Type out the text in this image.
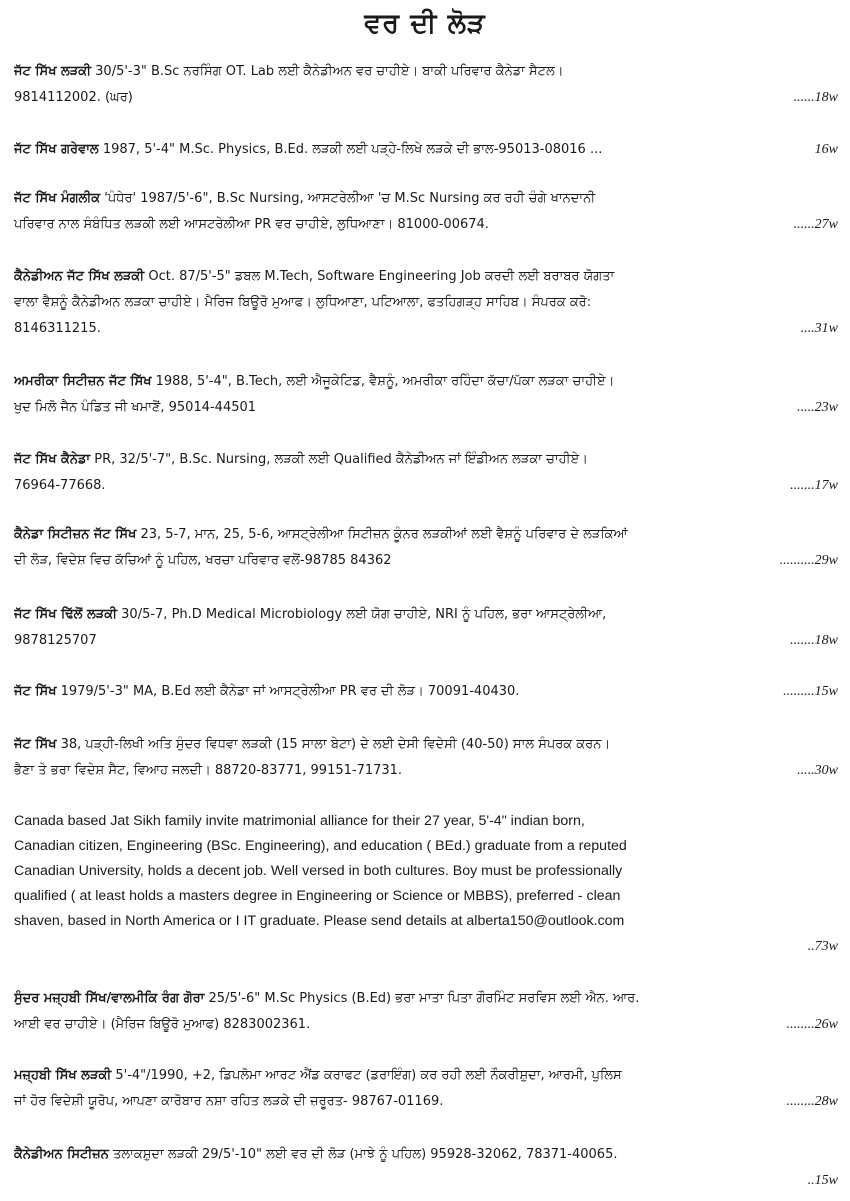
ਵਰ ਦੀ ਲੋੜ
ਜੱਟ ਸਿੱਖ ਲੜਕੀ 30/5'-3" B.Sc ਨਰਸਿੰਗ OT. Lab ਲਈ ਕੈਨੇਡੀਅਨ ਵਰ ਚਾਹੀਏ। ਬਾਕੀ ਪਰਿਵਾਰ ਕੈਨੇਡਾ ਸੈਟਲ।
9814112002. (ਘਰ)	......18w
ਜੱਟ ਸਿੱਖ ਗਰੇਵਾਲ 1987, 5'-4" M.Sc. Physics, B.Ed. ਲੜਕੀ ਲਈ ਪੜ੍ਹੇ-ਲਿਖੇ ਲੜਕੇ ਦੀ ਭਾਲ-95013-08016 ...	16w
ਜੱਟ ਸਿੱਖ ਮੰਗਲੀਕ 'ਪੰਧੇਰ' 1987/5'-6", B.Sc Nursing, ਆਸਟਰੇਲੀਆ 'ਚ M.Sc Nursing ਕਰ ਰਹੀ ਚੰਗੇ ਖਾਨਦਾਨੀ
ਪਰਿਵਾਰ ਨਾਲ ਸੰਬੰਧਿਤ ਲੜਕੀ ਲਈ ਆਸਟਰੇਲੀਆ PR ਵਰ ਚਾਹੀਏ, ਲੁਧਿਆਣਾ। 81000-00674.	......27w
ਕੈਨੇਡੀਅਨ ਜੱਟ ਸਿੱਖ ਲੜਕੀ Oct. 87/5'-5" ਡਬਲ M.Tech, Software Engineering Job ਕਰਦੀ ਲਈ ਬਰਾਬਰ ਯੋਗਤਾ
ਵਾਲਾ ਵੈਸ਼ਨੂੰ ਕੈਨੇਡੀਅਨ ਲੜਕਾ ਚਾਹੀਏ। ਮੈਰਿਜ ਬਿਊਰੋ ਮੁਆਫ। ਲੁਧਿਆਣਾ, ਪਟਿਆਲਾ, ਫਤਹਿਗੜ੍ਹ ਸਾਹਿਬ। ਸੰਪਰਕ ਕਰੋ:
8146311215.	....31w
ਅਮਰੀਕਾ ਸਿਟੀਜ਼ਨ ਜੱਟ ਸਿੱਖ 1988, 5'-4", B.Tech, ਲਈ ਐਜੂਕੇਟਿਡ, ਵੈਸ਼ਨੂੰ, ਅਮਰੀਕਾ ਰਹਿੰਦਾ ਕੱਚਾ/ਪੱਕਾ ਲੜਕਾ ਚਾਹੀਏ।
ਖੁਦ ਮਿਲੋ ਜੈਨ ਪੰਡਿਤ ਜੀ ਖਮਾਣੋਂ, 95014-44501	.....23w
ਜੱਟ ਸਿੱਖ ਕੈਨੇਡਾ PR, 32/5'-7", B.Sc. Nursing, ਲੜਕੀ ਲਈ Qualified ਕੈਨੇਡੀਅਨ ਜਾਂ ਇੰਡੀਅਨ ਲੜਕਾ ਚਾਹੀਏ।
76964-77668.	.......17w
ਕੈਨੇਡਾ ਸਿਟੀਜ਼ਨ ਜੱਟ ਸਿੱਖ 23, 5-7, ਮਾਨ, 25, 5-6, ਆਸਟ੍ਰੇਲੀਆ ਸਿਟੀਜ਼ਨ ਕੂੰਨਰ ਲੜਕੀਆਂ ਲਈ ਵੈਸ਼ਨੂੰ ਪਰਿਵਾਰ ਦੇ ਲੜਕਿਆਂ
ਦੀ ਲੋੜ, ਵਿਦੇਸ਼ ਵਿਚ ਕੱਚਿਆਂ ਨੂੰ ਪਹਿਲ, ਖਰਚਾ ਪਰਿਵਾਰ ਵਲੋਂ-98785 84362	..........29w
ਜੱਟ ਸਿੱਖ ਢਿੱਲੋਂ ਲੜਕੀ 30/5-7, Ph.D Medical Microbiology ਲਈ ਯੋਗ ਚਾਹੀਏ, NRI ਨੂੰ ਪਹਿਲ, ਭਰਾ ਆਸਟ੍ਰੇਲੀਆ,
9878125707	.......18w
ਜੱਟ ਸਿੱਖ 1979/5'-3" MA, B.Ed ਲਈ ਕੈਨੇਡਾ ਜਾਂ ਆਸਟ੍ਰੇਲੀਆ PR ਵਰ ਦੀ ਲੋੜ। 70091-40430.	.........15w
ਜੱਟ ਸਿੱਖ 38, ਪੜ੍ਹੀ-ਲਿਖੀ ਅਤਿ ਸੁੰਦਰ ਵਿਧਵਾ ਲੜਕੀ (15 ਸਾਲਾ ਬੇਟਾ) ਦੇ ਲਈ ਦੇਸੀ ਵਿਦੇਸੀ (40-50) ਸਾਲ ਸੰਪਰਕ ਕਰਨ।
ਭੈਣਾ ਤੇ ਭਰਾ ਵਿਦੇਸ਼ ਸੈਟ, ਵਿਆਹ ਜਲਦੀ। 88720-83771, 99151-71731.	.....30w
Canada based Jat Sikh family invite matrimonial alliance for their 27 year, 5'-4" indian born,
Canadian citizen, Engineering (BSc. Engineering), and education ( BEd.) graduate from a reputed
Canadian University, holds a decent job. Well versed in both cultures. Boy must be professionally
qualified ( at least holds a masters degree in Engineering or Science or MBBS), preferred - clean
shaven, based in North America or I IT graduate. Please send details at alberta150@outlook.com
..73w
ਸੁੰਦਰ ਮਜ਼੍ਹਬੀ ਸਿੱਖ/ਵਾਲਮੀਕਿ ਰੰਗ ਗੋਰਾ 25/5'-6" M.Sc Physics (B.Ed) ਭਰਾ ਮਾਤਾ ਪਿਤਾ ਗੌਰਮਿੰਟ ਸਰਵਿਸ ਲਈ ਐਨ. ਆਰ.
ਆਈ ਵਰ ਚਾਹੀਏ। (ਮੈਰਿਜ ਬਿਊਰੋ ਮੁਆਫ) 8283002361.	........26w
ਮਜ਼੍ਹਬੀ ਸਿੱਖ ਲੜਕੀ 5'-4"/1990, +2, ਡਿਪਲੋਮਾ ਆਰਟ ਐਂਡ ਕਰਾਫਟ (ਡਰਾਇੰਗ) ਕਰ ਰਹੀ ਲਈ ਨੌਕਰੀਸ਼ੁਦਾ, ਆਰਮੀ, ਪੁਲਿਸ
ਜਾਂ ਹੋਰ ਵਿਦੇਸ਼ੀ ਯੂਰੋਪ, ਆਪਣਾ ਕਾਰੋਬਾਰ ਨਸ਼ਾ ਰਹਿਤ ਲੜਕੇ ਦੀ ਜ਼ਰੂਰਤ- 98767-01169.	........28w
ਕੈਨੇਡੀਅਨ ਸਿਟੀਜ਼ਨ ਤਲਾਕਸ਼ੁਦਾ ਲੜਕੀ 29/5'-10" ਲਈ ਵਰ ਦੀ ਲੋੜ (ਮਾਝੇ ਨੂੰ ਪਹਿਲ) 95928-32062, 78371-40065.
..15w
